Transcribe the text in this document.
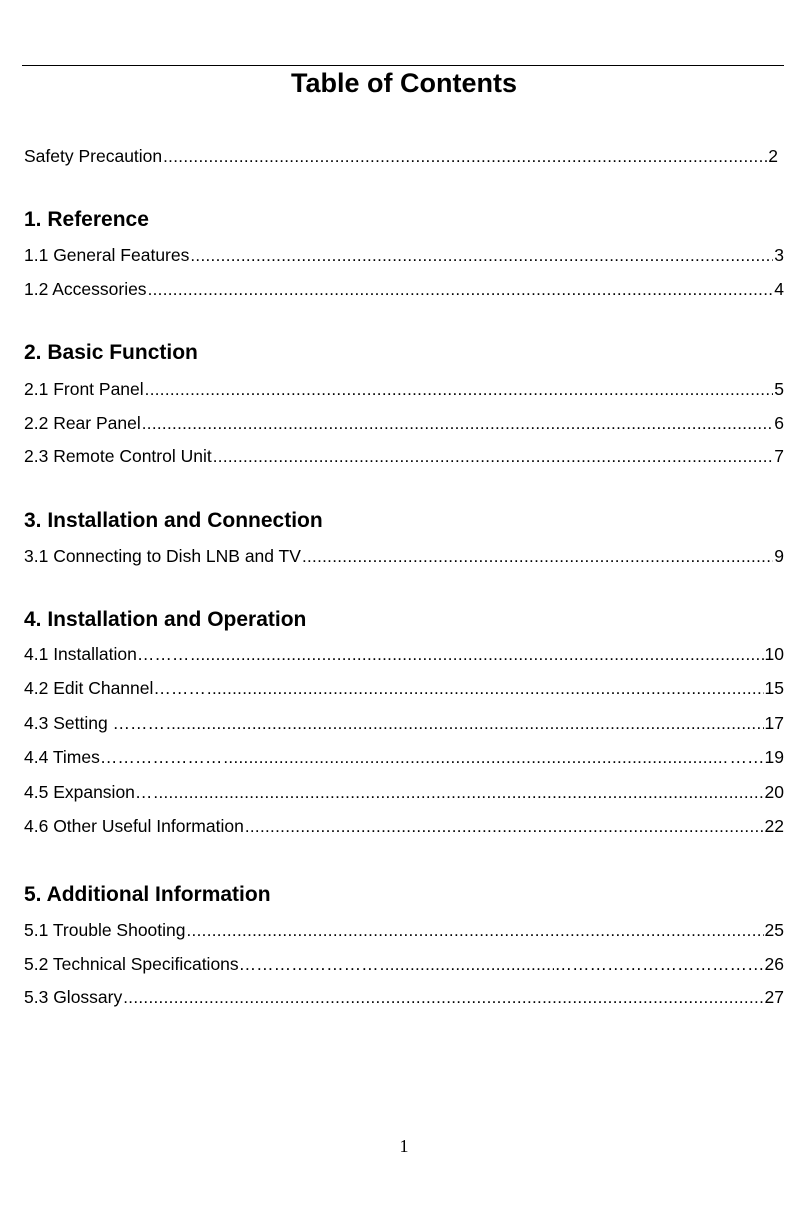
Table of Contents
Safety Precaution . . .	2
1. Reference
1.1 General Features . . .	3
1.2 Accessories . . .	4
2. Basic Function
2.1 Front Panel . . .	5
2.2 Rear Panel . . .	6
2.3 Remote Control Unit . . .	7
3. Installation and Connection
3.1 Connecting to Dish LNB and TV . . .	9
4. Installation and Operation
4.1 Installation……… . . .	10
4.2 Edit Channel……… . . .	15
4.3 Setting ……… . . .	17
4.4 Times………………… . . .	……19
4.5 Expansion… . . .	20
4.6 Other Useful Information . . .	22
5. Additional Information
5.1 Trouble Shooting . . .	25
5.2 Technical Specifications…………………… . . .	………………………………26
5.3 Glossary . . .	27
1
